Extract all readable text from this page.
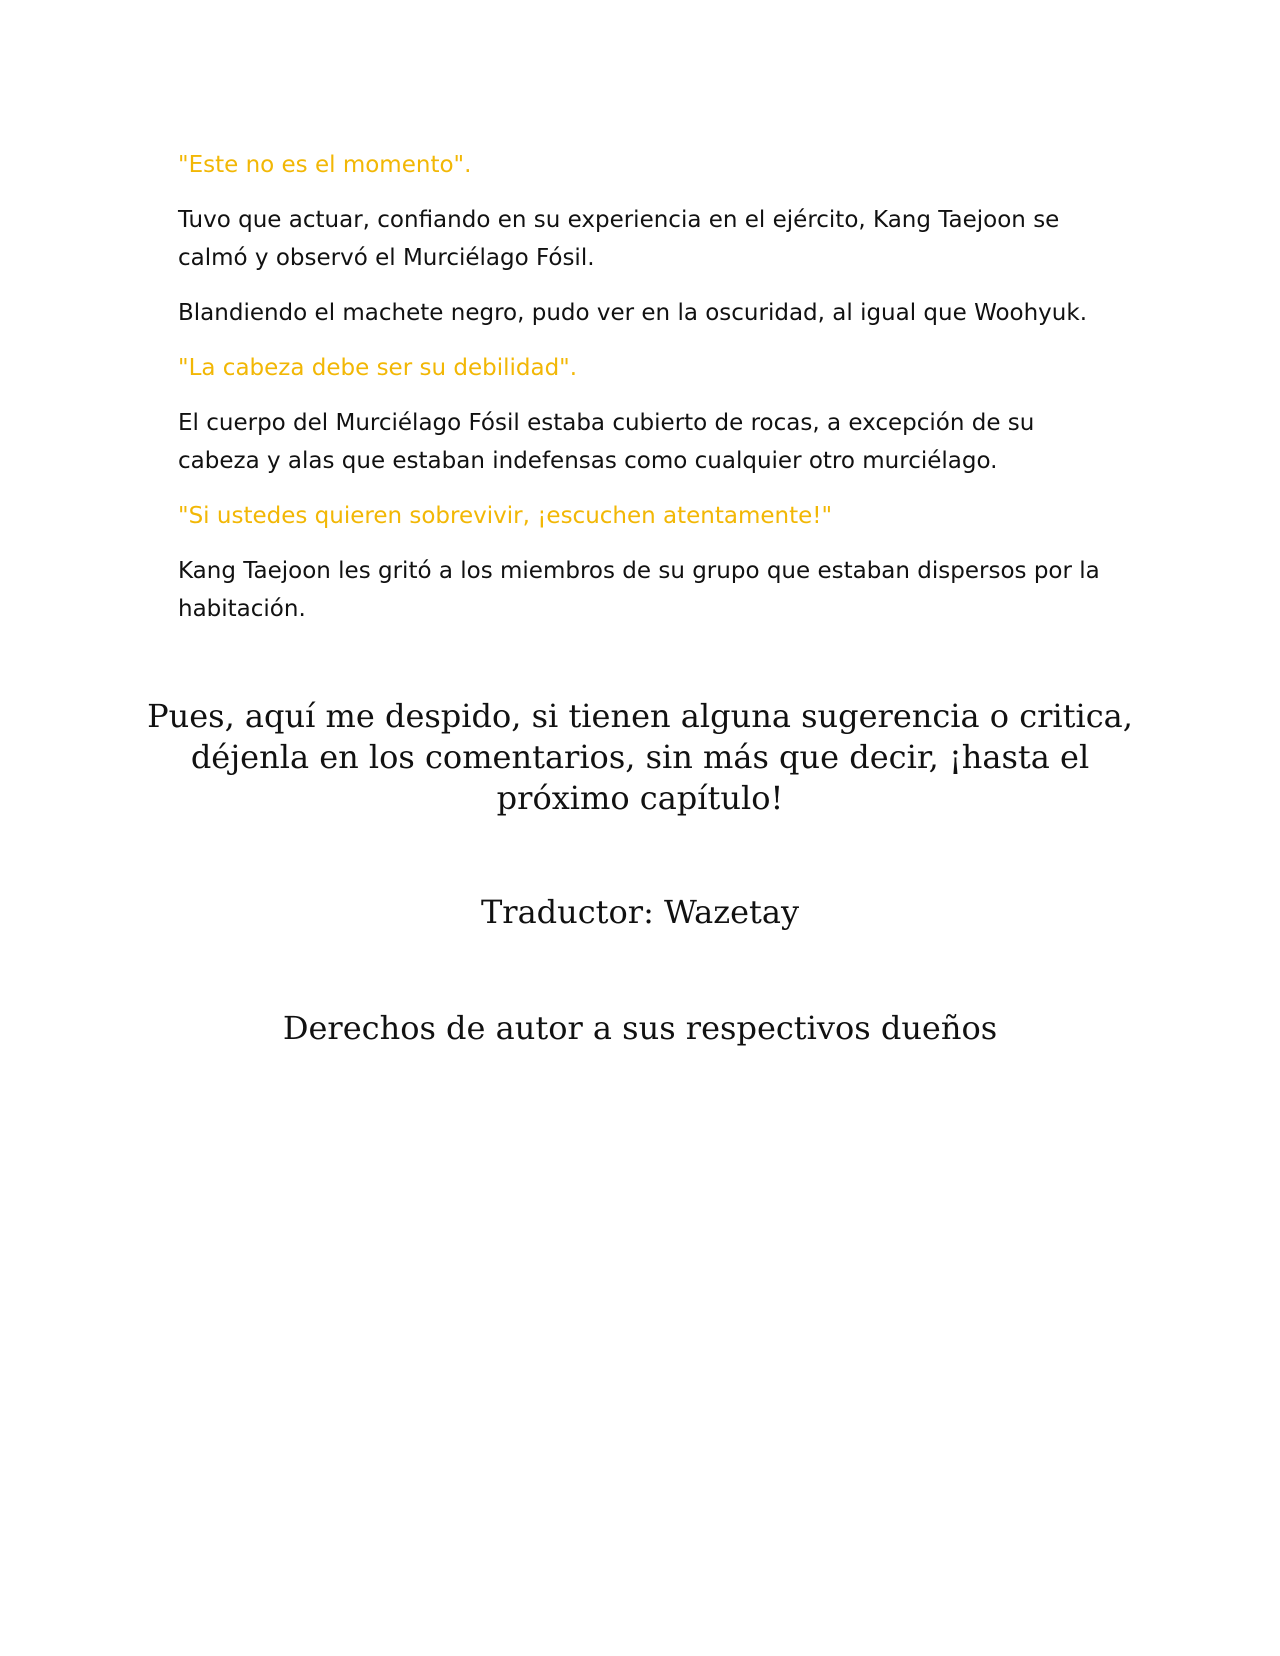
"Este no es el momento".

Tuvo que actuar, confiando en su experiencia en el ejército, Kang Taejoon se calmó y observó el Murciélago Fósil.

Blandiendo el machete negro, pudo ver en la oscuridad, al igual que Woohyuk.

"La cabeza debe ser su debilidad".

El cuerpo del Murciélago Fósil estaba cubierto de rocas, a excepción de su cabeza y alas que estaban indefensas como cualquier otro murciélago.

"Si ustedes quieren sobrevivir, ¡escuchen atentamente!"

Kang Taejoon les gritó a los miembros de su grupo que estaban dispersos por la habitación.

Pues, aquí me despido, si tienen alguna sugerencia o critica, déjenla en los comentarios, sin más que decir, ¡hasta el próximo capítulo!

Traductor: Wazetay

Derechos de autor a sus respectivos dueños
